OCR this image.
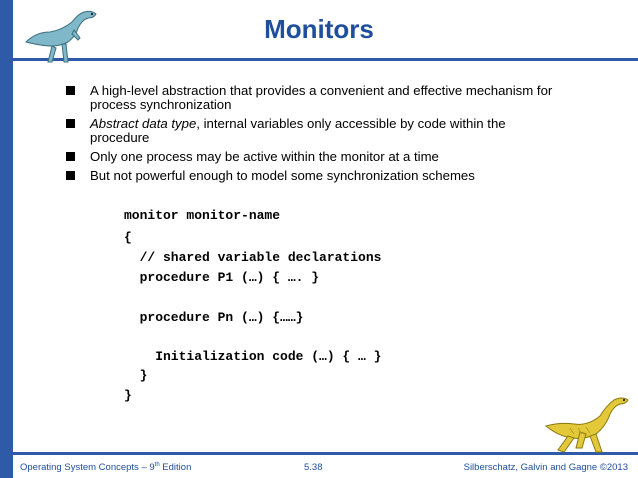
Monitors
A high-level abstraction that provides a convenient and effective mechanism for process synchronization
Abstract data type, internal variables only accessible by code within the procedure
Only one process may be active within the monitor at a time
But not powerful enough to model some synchronization schemes
monitor monitor-name
{
// shared variable declarations
procedure P1 (…) { …. }
procedure Pn (…) {……}
Initialization code (…) { … }
}
}
Operating System Concepts – 9th Edition	5.38	Silberschatz, Galvin and Gagne ©2013
